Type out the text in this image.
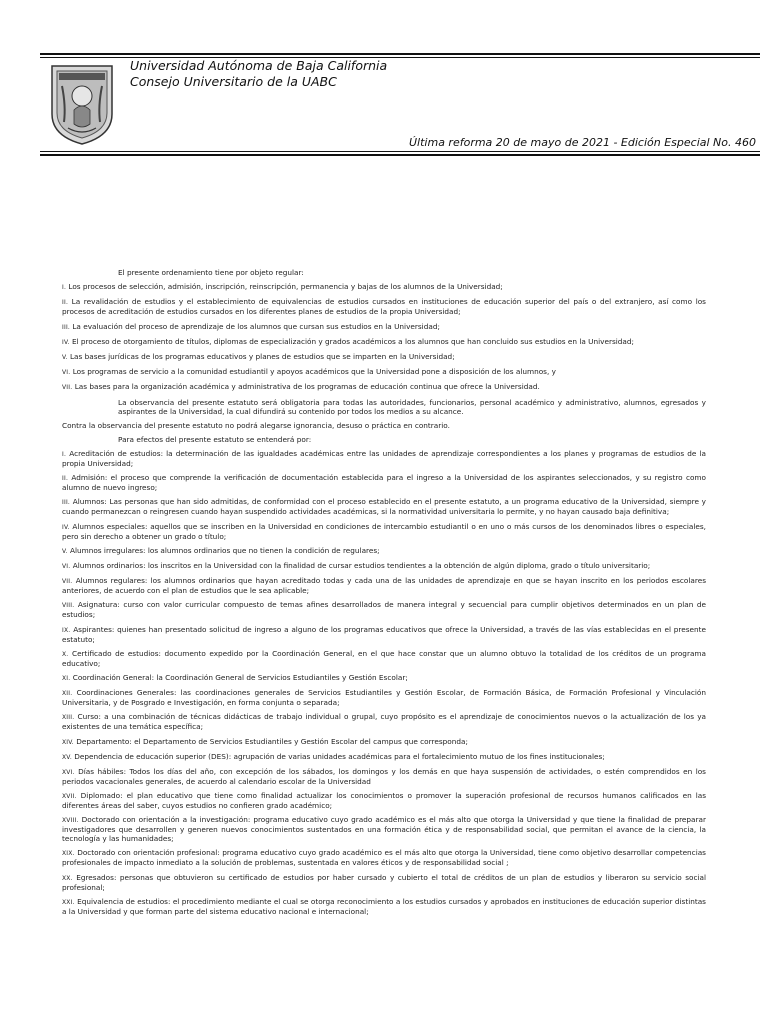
Universidad Autónoma de Baja California
Consejo Universitario de la UABC
Última reforma 20 de mayo de 2021 - Edición Especial No. 460

El presente ordenamiento tiene por objeto regular:

I. Los procesos de selección, admisión, inscripción, reinscripción, permanencia y bajas de los alumnos de la Universidad;

II. La revalidación de estudios y el establecimiento de equivalencias de estudios cursados en instituciones de educación superior del país o del extranjero, así como los procesos de acreditación de estudios cursados en los diferentes planes de estudios de la propia Universidad;

III. La evaluación del proceso de aprendizaje de los alumnos que cursan sus estudios en la Universidad;

IV. El proceso de otorgamiento de títulos, diplomas de especialización y grados académicos a los alumnos que han concluido sus estudios en la Universidad;

V. Las bases jurídicas de los programas educativos y planes de estudios que se imparten en la Universidad;

VI. Los programas de servicio a la comunidad estudiantil y apoyos académicos que la Universidad pone a disposición de los alumnos, y

VII. Las bases para la organización académica y administrativa de los programas de educación continua que ofrece la Universidad.

La observancia del presente estatuto será obligatoria para todas las autoridades, funcionarios, personal académico y administrativo, alumnos, egresados y aspirantes de la Universidad, la cual difundirá su contenido por todos los medios a su alcance.

Contra la observancia del presente estatuto no podrá alegarse ignorancia, desuso o práctica en contrario.

Para efectos del presente estatuto se entenderá por:

I. Acreditación de estudios: la determinación de las igualdades académicas entre las unidades de aprendizaje correspondientes a los planes y programas de estudios de la propia Universidad;

II. Admisión: el proceso que comprende la verificación de documentación establecida para el ingreso a la Universidad de los aspirantes seleccionados, y su registro como alumno de nuevo ingreso;

III. Alumnos: Las personas que han sido admitidas, de conformidad con el proceso establecido en el presente estatuto, a un programa educativo de la Universidad, siempre y cuando permanezcan o reingresen cuando hayan suspendido actividades académicas, si la normatividad universitaria lo permite, y no hayan causado baja definitiva;

IV. Alumnos especiales: aquellos que se inscriben en la Universidad en condiciones de intercambio estudiantil o en uno o más cursos de los denominados libres o especiales, pero sin derecho a obtener un grado o título;

V. Alumnos irregulares: los alumnos ordinarios que no tienen la condición de regulares;

VI. Alumnos ordinarios: los inscritos en la Universidad con la finalidad de cursar estudios tendientes a la obtención de algún diploma, grado o título universitario;

VII. Alumnos regulares: los alumnos ordinarios que hayan acreditado todas y cada una de las unidades de aprendizaje en que se hayan inscrito en los periodos escolares anteriores, de acuerdo con el plan de estudios que le sea aplicable;

VIII. Asignatura: curso con valor curricular compuesto de temas afines desarrollados de manera integral y secuencial para cumplir objetivos determinados en un plan de estudios;

IX. Aspirantes: quienes han presentado solicitud de ingreso a alguno de los programas educativos que ofrece la Universidad, a través de las vías establecidas en el presente estatuto;

X. Certificado de estudios: documento expedido por la Coordinación General, en el que hace constar que un alumno obtuvo la totalidad de los créditos de un programa educativo;

XI. Coordinación General: la Coordinación General de Servicios Estudiantiles y Gestión Escolar;

XII. Coordinaciones Generales: las coordinaciones generales de Servicios Estudiantiles y Gestión Escolar, de Formación Básica, de Formación Profesional y Vinculación Universitaria, y de Posgrado e Investigación, en forma conjunta o separada;

XIII. Curso: a una combinación de técnicas didácticas de trabajo individual o grupal, cuyo propósito es el aprendizaje de conocimientos nuevos o la actualización de los ya existentes de una temática específica;

XIV. Departamento: el Departamento de Servicios Estudiantiles y Gestión Escolar del campus que corresponda;

XV. Dependencia de educación superior (DES): agrupación de varias unidades académicas para el fortalecimiento mutuo de los fines institucionales;

XVI. Días hábiles: Todos los días del año, con excepción de los sábados, los domingos y los demás en que haya suspensión de actividades, o estén comprendidos en los periodos vacacionales generales, de acuerdo al calendario escolar de la Universidad

XVII. Diplomado: el plan educativo que tiene como finalidad actualizar los conocimientos o promover la superación profesional de recursos humanos calificados en las diferentes áreas del saber, cuyos estudios no confieren grado académico;

XVIII. Doctorado con orientación a la investigación: programa educativo cuyo grado académico es el más alto que otorga la Universidad y que tiene la finalidad de preparar investigadores que desarrollen y generen nuevos conocimientos sustentados en una formación ética y de responsabilidad social, que permitan el avance de la ciencia, la tecnología y las humanidades;

XIX. Doctorado con orientación profesional: programa educativo cuyo grado académico es el más alto que otorga la Universidad, tiene como objetivo desarrollar competencias profesionales de impacto inmediato a la solución de problemas, sustentada en valores éticos y de responsabilidad social ;

XX. Egresados: personas que obtuvieron su certificado de estudios por haber cursado y cubierto el total de créditos de un plan de estudios y liberaron su servicio social profesional;

XXI. Equivalencia de estudios: el procedimiento mediante el cual se otorga reconocimiento a los estudios cursados y aprobados en instituciones de educación superior distintas a la Universidad y que forman parte del sistema educativo nacional e internacional;
